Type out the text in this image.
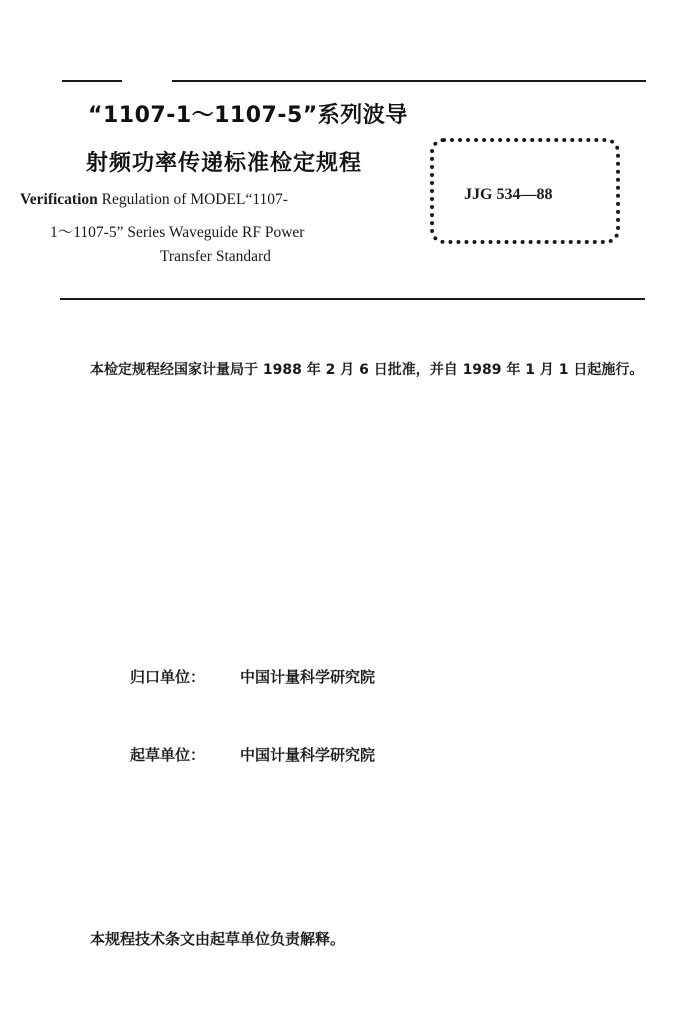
“1107-1～1107-5”系列波导
射频功率传递标准检定规程
Verification Regulation of MODEL“1107-
1～1107-5” Series Waveguide RF Power
Transfer Standard
JJG 534—88
本检定规程经国家计量局于 1988 年 2 月 6 日批准，并自 1989 年 1 月 1 日起施行。
归口单位： 中国计量科学研究院
起草单位： 中国计量科学研究院
本规程技术条文由起草单位负责解释。
